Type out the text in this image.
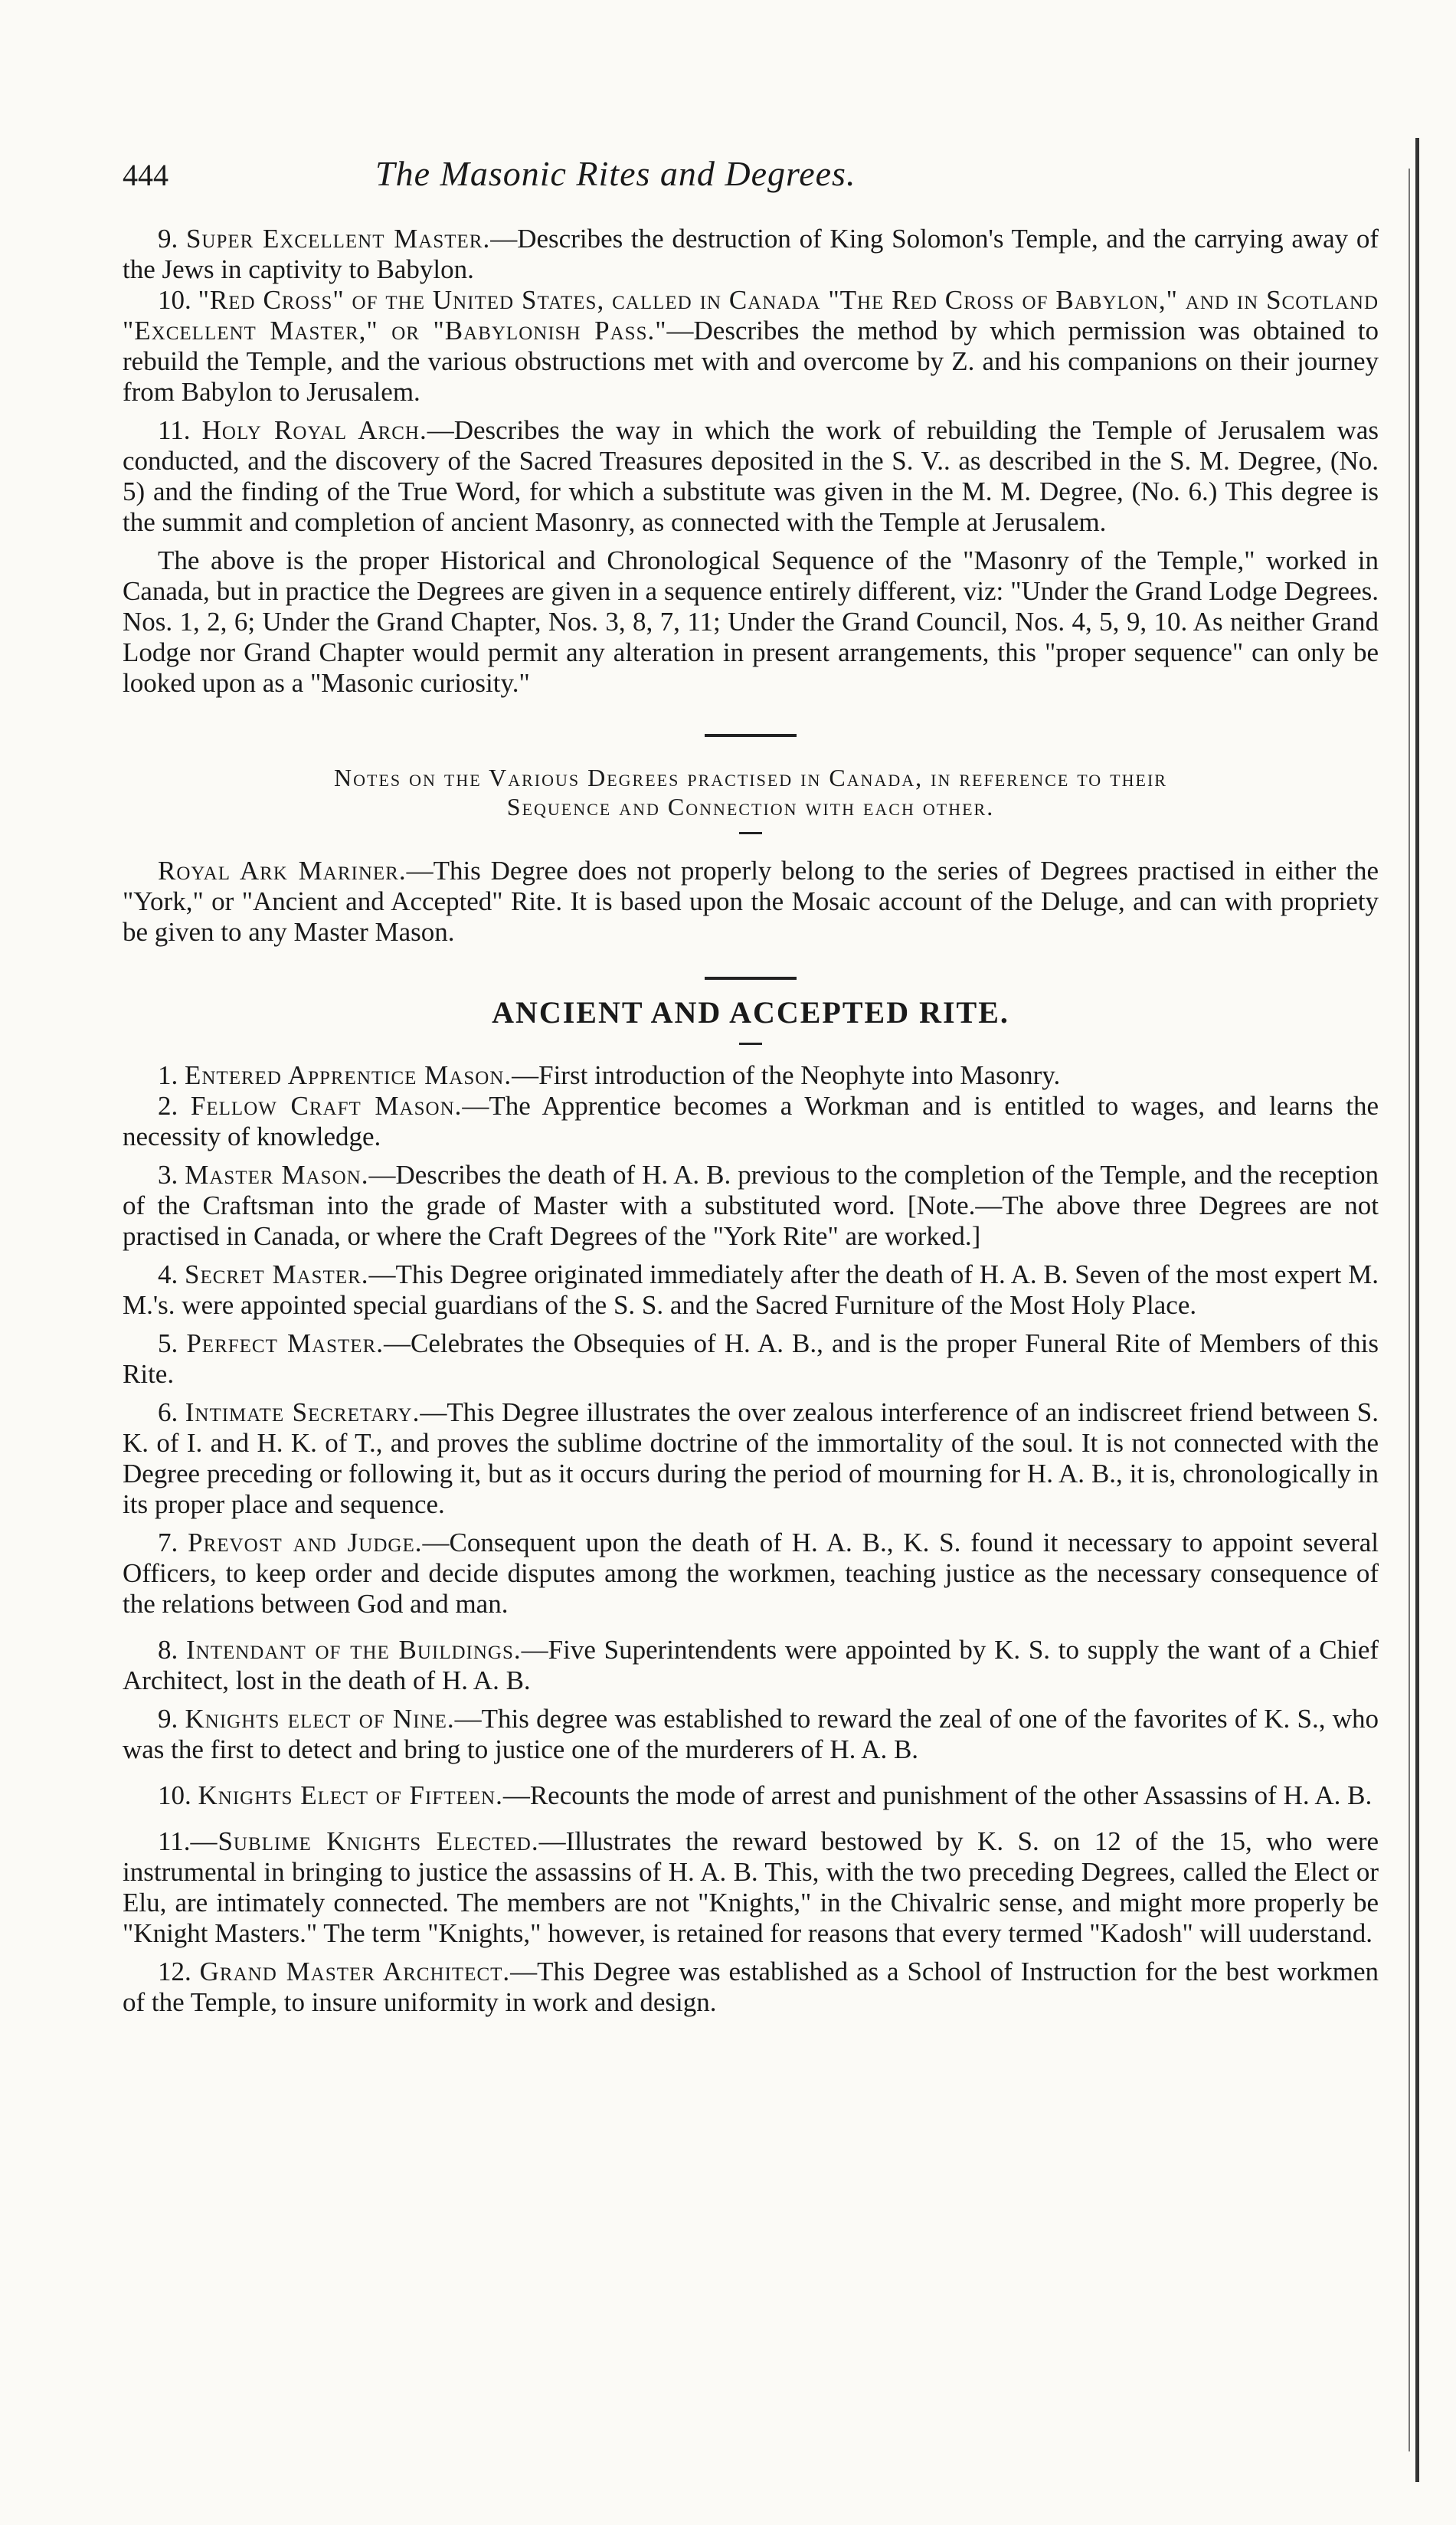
444	The Masonic Rites and Degrees.

9. Super Excellent Master.—Describes the destruction of King Solomon's Temple, and the carrying away of the Jews in captivity to Babylon.

10. "Red Cross" of the United States, called in Canada "The Red Cross of Babylon," and in Scotland "Excellent Master," or "Babylonish Pass."—Describes the method by which permission was obtained to rebuild the Temple, and the various obstructions met with and overcome by Z. and his companions on their journey from Babylon to Jerusalem.

11. Holy Royal Arch.—Describes the way in which the work of rebuilding the Temple of Jerusalem was conducted, and the discovery of the Sacred Treasures deposited in the S. V.. as described in the S. M. Degree, (No. 5) and the finding of the True Word, for which a substitute was given in the M. M. Degree, (No. 6.) This degree is the summit and completion of ancient Masonry, as connected with the Temple at Jerusalem.

The above is the proper Historical and Chronological Sequence of the "Masonry of the Temple," worked in Canada, but in practice the Degrees are given in a sequence entirely different, viz: "Under the Grand Lodge Degrees. Nos. 1, 2, 6; Under the Grand Chapter, Nos. 3, 8, 7, 11; Under the Grand Council, Nos. 4, 5, 9, 10. As neither Grand Lodge nor Grand Chapter would permit any alteration in present arrangements, this "proper sequence" can only be looked upon as a "Masonic curiosity."

Notes on the Various Degrees practised in Canada, in reference to their
Sequence and Connection with each other.

Royal Ark Mariner.—This Degree does not properly belong to the series of Degrees practised in either the "York," or "Ancient and Accepted" Rite. It is based upon the Mosaic account of the Deluge, and can with propriety be given to any Master Mason.

ANCIENT AND ACCEPTED RITE.

1. Entered Apprentice Mason.—First introduction of the Neophyte into Masonry.

2. Fellow Craft Mason.—The Apprentice becomes a Workman and is entitled to wages, and learns the necessity of knowledge.

3. Master Mason.—Describes the death of H. A. B. previous to the completion of the Temple, and the reception of the Craftsman into the grade of Master with a substituted word. [Note.—The above three Degrees are not practised in Canada, or where the Craft Degrees of the "York Rite" are worked.]

4. Secret Master.—This Degree originated immediately after the death of H. A. B. Seven of the most expert M. M.'s. were appointed special guardians of the S. S. and the Sacred Furniture of the Most Holy Place.

5. Perfect Master.—Celebrates the Obsequies of H. A. B., and is the proper Funeral Rite of Members of this Rite.

6. Intimate Secretary.—This Degree illustrates the over zealous interference of an indiscreet friend between S. K. of I. and H. K. of T., and proves the sublime doctrine of the immortality of the soul. It is not connected with the Degree preceding or following it, but as it occurs during the period of mourning for H. A. B., it is, chronologically in its proper place and sequence.

7. Prevost and Judge.—Consequent upon the death of H. A. B., K. S. found it necessary to appoint several Officers, to keep order and decide disputes among the workmen, teaching justice as the necessary consequence of the relations between God and man.

8. Intendant of the Buildings.—Five Superintendents were appointed by K. S. to supply the want of a Chief Architect, lost in the death of H. A. B.

9. Knights elect of Nine.—This degree was established to reward the zeal of one of the favorites of K. S., who was the first to detect and bring to justice one of the murderers of H. A. B.

10. Knights Elect of Fifteen.—Recounts the mode of arrest and punishment of the other Assassins of H. A. B.

11.—Sublime Knights Elected.—Illustrates the reward bestowed by K. S. on 12 of the 15, who were instrumental in bringing to justice the assassins of H. A. B. This, with the two preceding Degrees, called the Elect or Elu, are intimately connected. The members are not "Knights," in the Chivalric sense, and might more properly be "Knight Masters." The term "Knights," however, is retained for reasons that every termed "Kadosh" will uuderstand.

12. Grand Master Architect.—This Degree was established as a School of Instruction for the best workmen of the Temple, to insure uniformity in work and design.
